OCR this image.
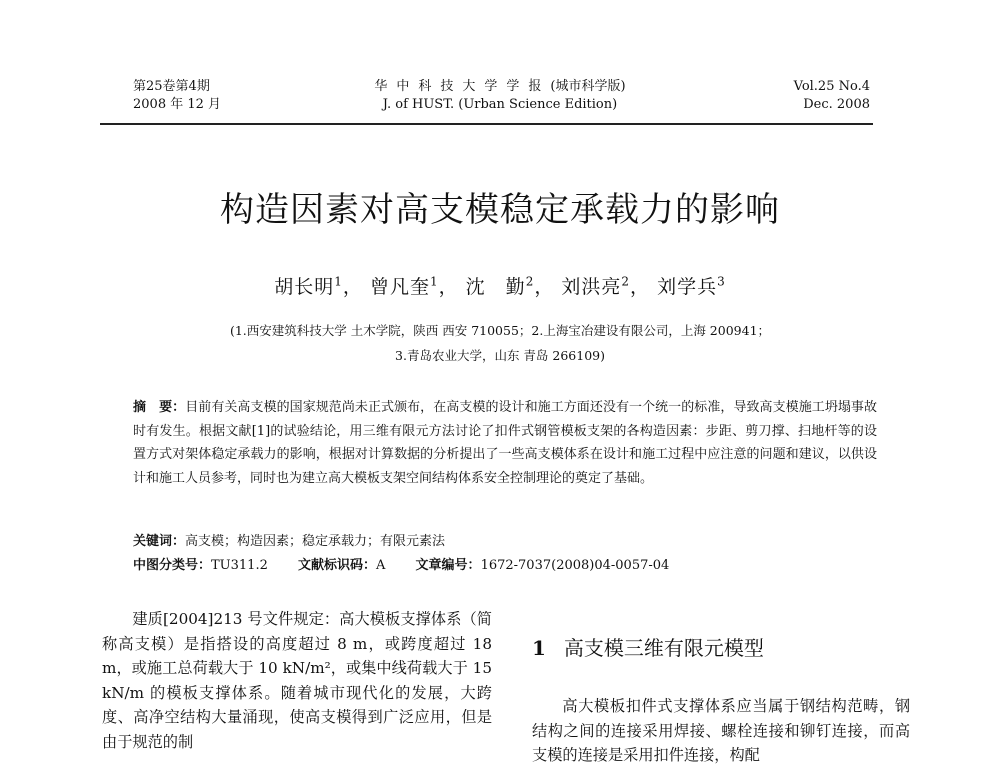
第25卷第4期
2008 年 12 月
华中科技大学学报(城市科学版)
J. of HUST. (Urban Science Edition)
Vol.25 No.4
Dec. 2008
构造因素对高支模稳定承载力的影响
胡长明$^1$， 曾凡奎$^1$， 沈　勤$^2$， 刘洪亮$^2$， 刘学兵$^3$
(1.西安建筑科技大学 土木学院，陕西 西安 710055；2.上海宝冶建设有限公司，上海 200941；
3.青岛农业大学，山东 青岛 266109)
摘　要：目前有关高支模的国家规范尚未正式颁布，在高支模的设计和施工方面还没有一个统一的标准，导致高支模施工坍塌事故时有发生。根据文献[1]的试验结论，用三维有限元方法讨论了扣件式钢管模板支架的各构造因素：步距、剪刀撑、扫地杆等的设置方式对架体稳定承载力的影响，根据对计算数据的分析提出了一些高支模体系在设计和施工过程中应注意的问题和建议，以供设计和施工人员参考，同时也为建立高大模板支架空间结构体系安全控制理论的奠定了基础。
关键词：高支模；构造因素；稳定承载力；有限元素法
中图分类号：TU311.2 文献标识码：A 文章编号：1672-7037(2008)04-0057-04

建质[2004]213 号文件规定：高大模板支撑体系（简称高支模）是指搭设的高度超过 8 m，或跨度超过 18 m，或施工总荷载大于 10 kN/m²，或集中线荷载大于 15 kN/m 的模板支撑体系。随着城市现代化的发展，大跨度、高净空结构大量涌现，使高支模得到广泛应用，但是由于规范的制

1 高支模三维有限元模型

高大模板扣件式支撑体系应当属于钢结构范畴，钢结构之间的连接采用焊接、螺栓连接和铆钉连接，而高支模的连接是采用扣件连接，构配
